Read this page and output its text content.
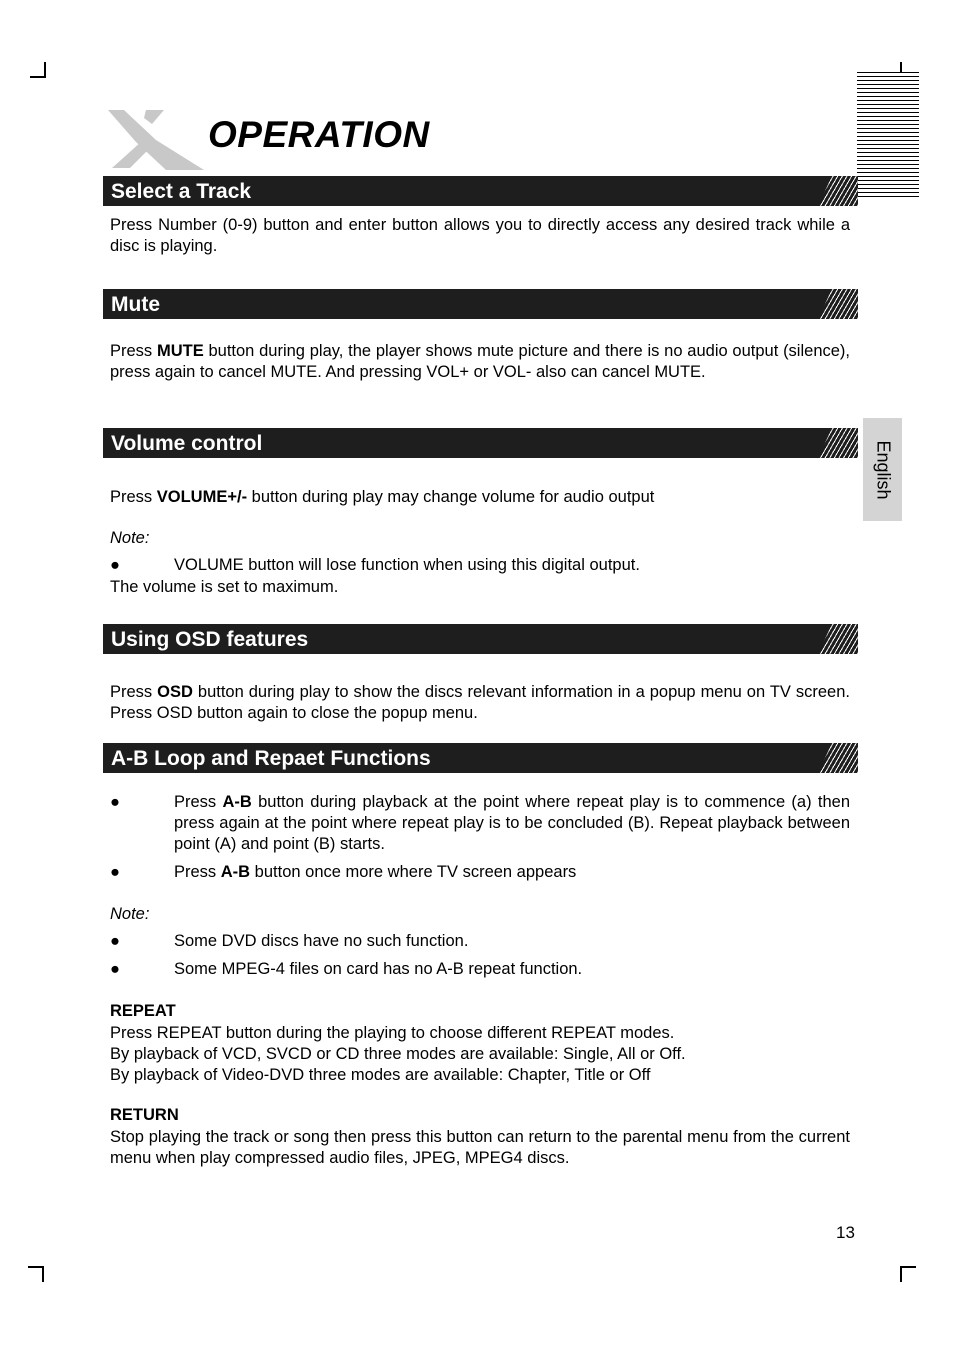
OPERATION
Select a Track

Press Number (0-9) button and enter button allows you to directly access any desired track while a disc is playing.

Mute

Press MUTE button during play, the player shows mute picture and there is no audio output (silence), press again to cancel MUTE. And pressing VOL+ or VOL- also can cancel MUTE.

Volume control

Press VOLUME+/- button during play may change volume for audio output

Note:
●	VOLUME button will lose function when using this digital output.

The volume is set to maximum.

Using OSD features

Press OSD button during play to show the discs relevant information in a popup menu on TV screen. Press OSD button again to close the popup menu.

A-B Loop and Repaet Functions
●	Press A-B button during playback at the point where repeat play is to commence (a) then press again at the point where repeat play is to be concluded (B). Repeat playback between point (A) and point (B) starts.

●	Press A-B button once more where TV screen appears

Note:
●	Some DVD discs have no such function.

●	Some MPEG-4 files on card has no A-B repeat function.

REPEAT

Press REPEAT button during the playing to choose different REPEAT modes.

By playback of VCD, SVCD or CD three modes are available: Single, All or Off.

By playback of Video-DVD three modes are available: Chapter, Title or Off

RETURN

Stop playing the track or song then press this button can return to the parental menu from the current menu when play compressed audio files, JPEG, MPEG4 discs.

English
13
